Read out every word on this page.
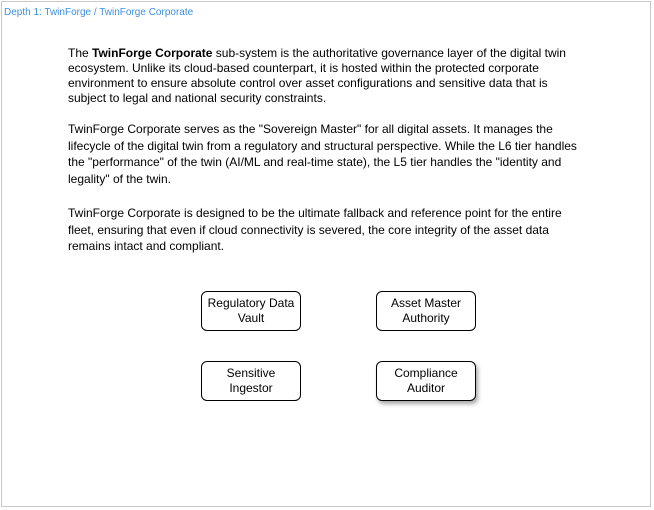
Depth 1: TwinForge / TwinForge Corporate

The TwinForge Corporate sub-system is the authoritative governance layer of the digital twin ecosystem. Unlike its cloud-based counterpart, it is hosted within the protected corporate environment to ensure absolute control over asset configurations and sensitive data that is subject to legal and national security constraints.

TwinForge Corporate serves as the "Sovereign Master" for all digital assets. It manages the lifecycle of the digital twin from a regulatory and structural perspective. While the L6 tier handles the "performance" of the twin (AI/ML and real-time state), the L5 tier handles the "identity and legality" of the twin.

TwinForge Corporate is designed to be the ultimate fallback and reference point for the entire fleet, ensuring that even if cloud connectivity is severed, the core integrity of the asset data remains intact and compliant.

Regulatory Data Vault
Asset Master Authority
Sensitive Ingestor
Compliance Auditor
